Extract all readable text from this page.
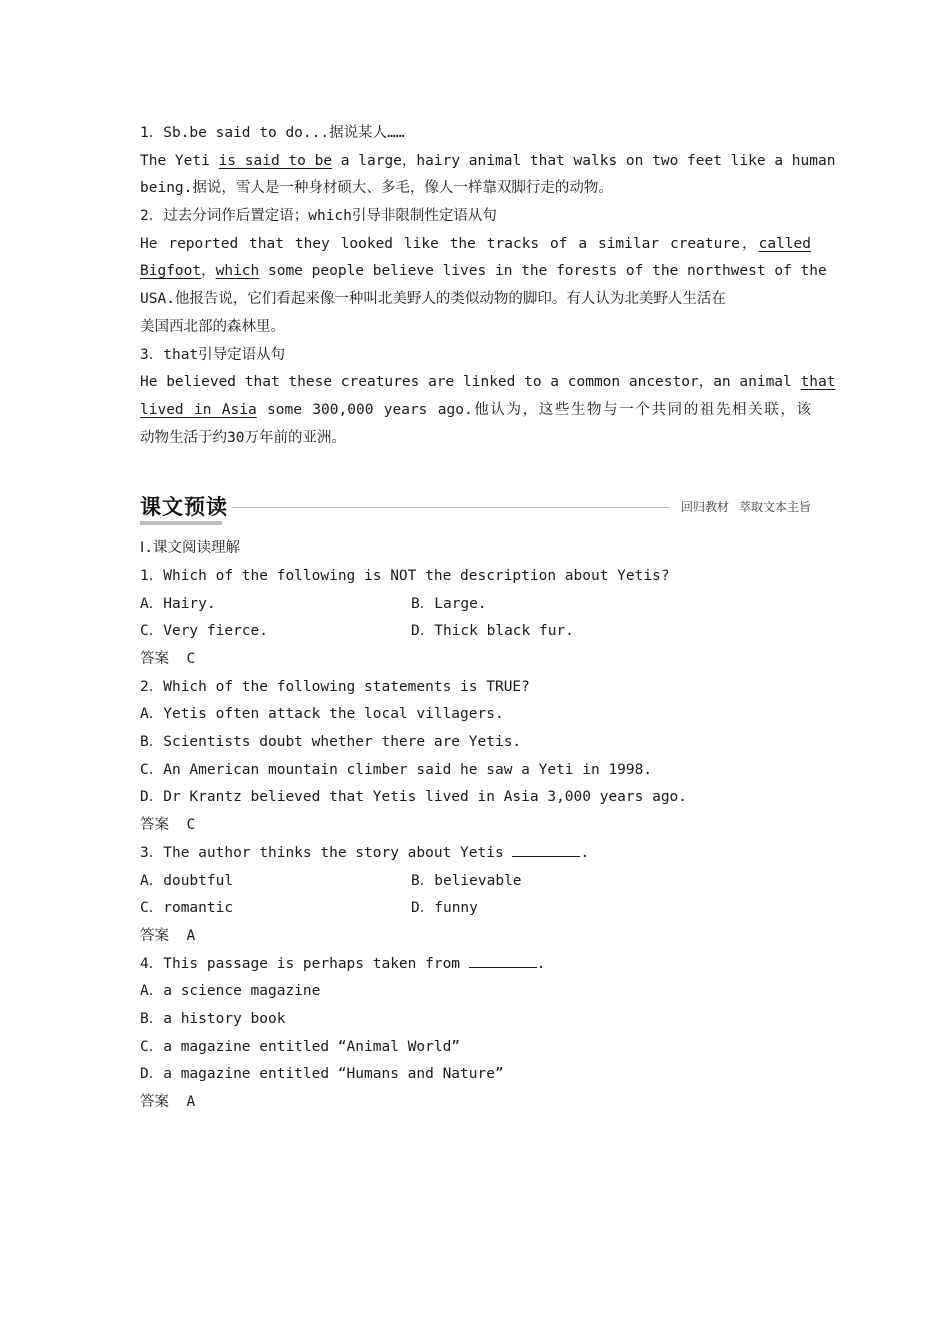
1．Sb.be said to do...据说某人……
The Yeti is said to be a large，hairy animal that walks on two feet like a human
being.据说，雪人是一种身材硕大、多毛，像人一样靠双脚行走的动物。
2．过去分词作后置定语；which引导非限制性定语从句
He reported that they looked like the tracks of a similar creature，called
Bigfoot，which some people believe lives in the forests of the northwest of the
USA.他报告说，它们看起来像一种叫北美野人的类似动物的脚印。有人认为北美野人生活在
美国西北部的森林里。
3．that引导定语从句
He believed that these creatures are linked to a common ancestor，an animal that
lived in Asia some 300,000 years ago.他认为，这些生物与一个共同的祖先相关联，该
动物生活于约30万年前的亚洲。
课文预读	回归教材 萃取文本主旨
Ⅰ.课文阅读理解
1．Which of the following is NOT the description about Yetis?
A．Hairy.	B．Large.
C．Very fierce.	D．Thick black fur.
答案 C
2．Which of the following statements is TRUE?
A．Yetis often attack the local villagers.
B．Scientists doubt whether there are Yetis.
C．An American mountain climber said he saw a Yeti in 1998.
D．Dr Krantz believed that Yetis lived in Asia 3,000 years ago.
答案 C
3．The author thinks the story about Yetis	.
A．doubtful	B．believable
C．romantic	D．funny
答案 A
4．This passage is perhaps taken from	.
A．a science magazine
B．a history book
C．a magazine entitled “Animal World”
D．a magazine entitled “Humans and Nature”
答案 A
